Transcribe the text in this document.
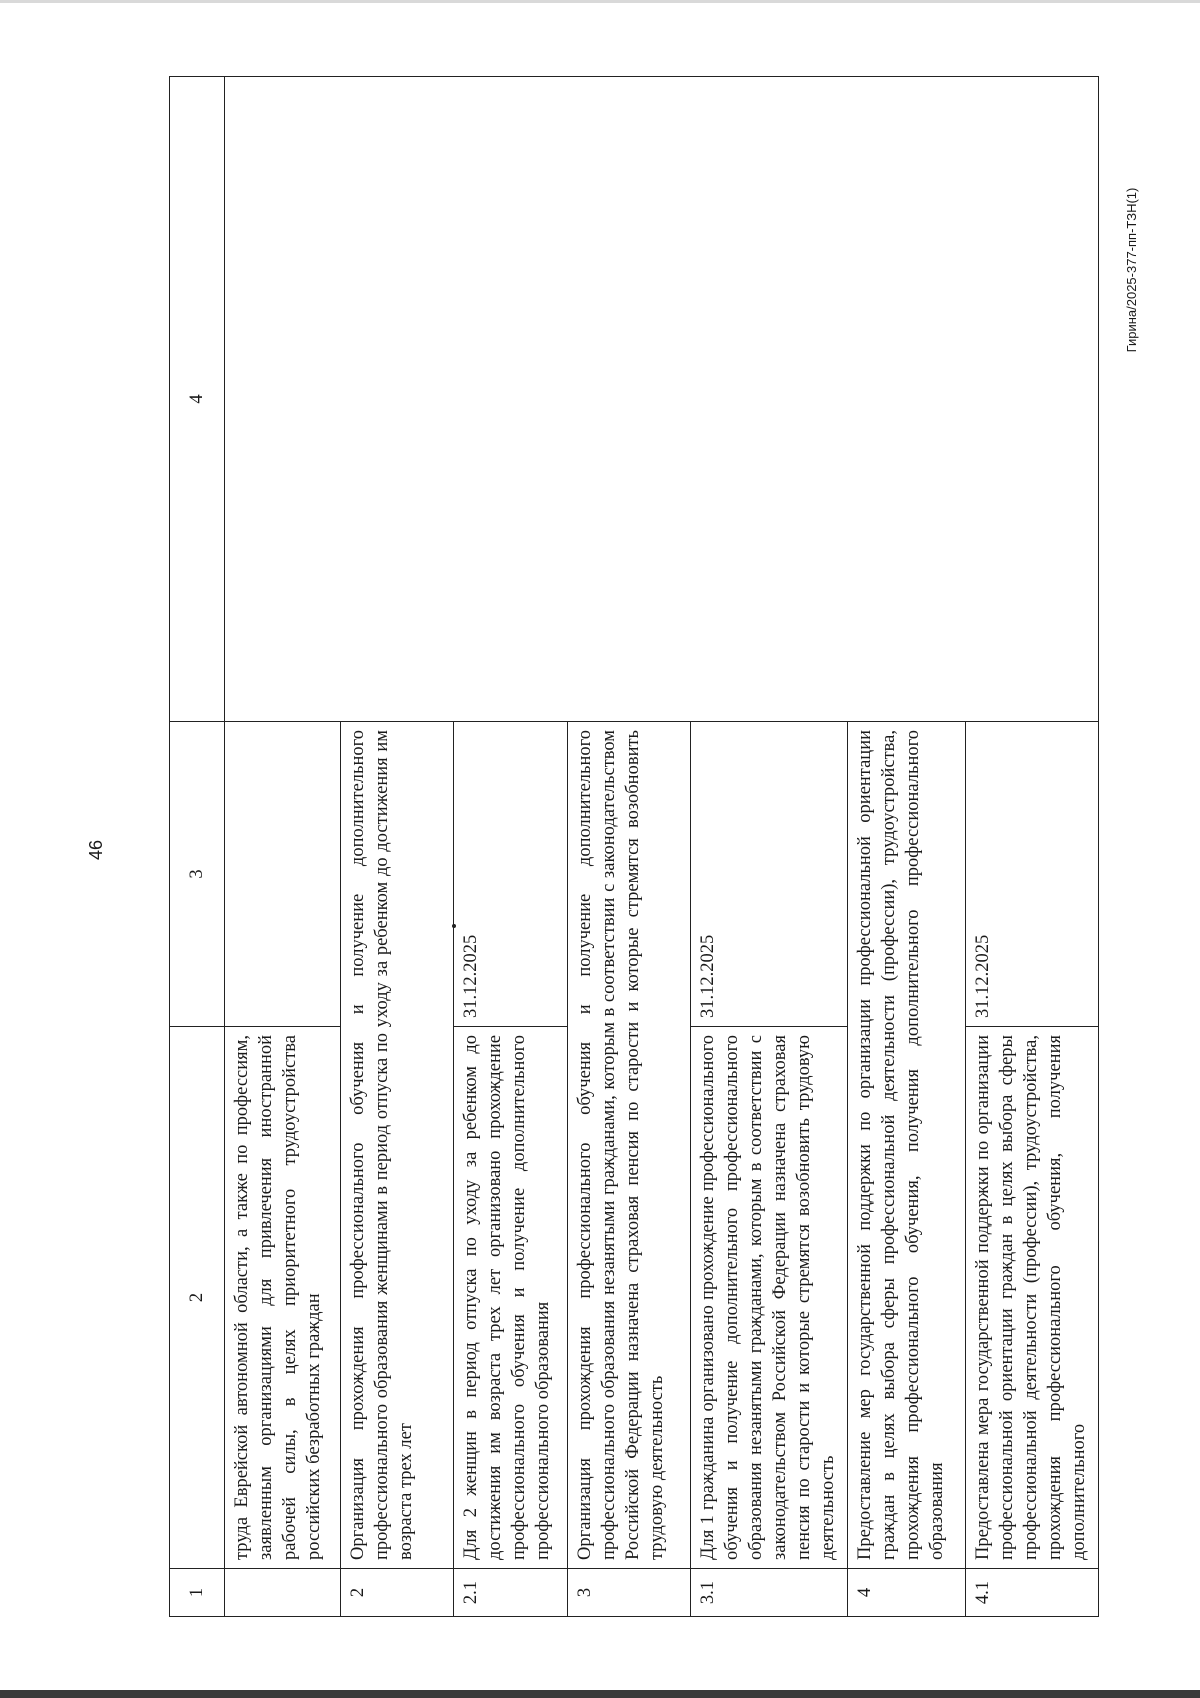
46
Гирина/2025-377-пп-ТЗН(1)
1	2	3	4
	труда Еврейской автономной области, а также по профессиям, заявленным организациями для привлечения иностранной рабочей силы, в целях приоритетного трудоустройства российских безработных граждан		
2	Организация прохождения профессионального обучения и получение дополнительного профессионального образования женщинами в период отпуска по уходу за ребенком до достижения им возраста трех лет		
2.1	Для 2 женщин в период отпуска по уходу за ребенком до достижения им возраста трех лет организовано прохождение профессионального обучения и получение дополнительного профессионального образования	31.12.2025	
3	Организация прохождения профессионального обучения и получение дополнительного профессионального образования незанятыми гражданами, которым в соответствии с законодательством Российской Федерации назначена страховая пенсия по старости и которые стремятся возобновить трудовую деятельность		
3.1	Для 1 гражданина организовано прохождение профессионального обучения и получение дополнительного профессионального образования незанятыми гражданами, которым в соответствии с законодательством Российской Федерации назначена страховая пенсия по старости и которые стремятся возобновить трудовую деятельность	31.12.2025	
4	Предоставление мер государственной поддержки по организации профессиональной ориентации граждан в целях выбора сферы профессиональной деятельности (профессии), трудоустройства, прохождения профессионального обучения, получения дополнительного профессионального образования		
4.1	Предоставлена мера государственной поддержки по организации профессиональной ориентации граждан в целях выбора сферы профессиональной деятельности (профессии), трудоустройства, прохождения профессионального обучения, получения дополнительного	31.12.2025	
